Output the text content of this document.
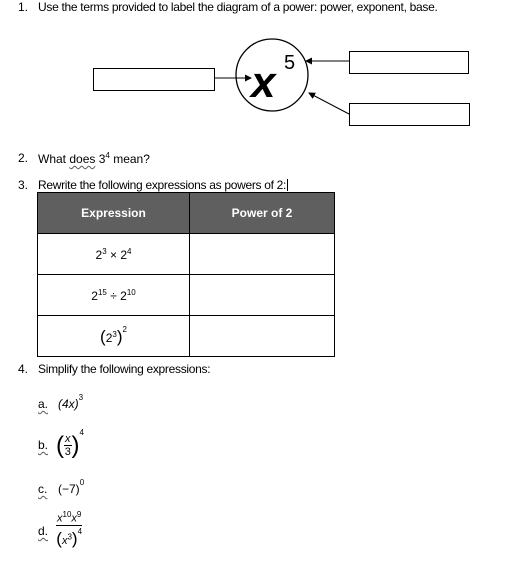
1. Use the terms provided to label the diagram of a power: power, exponent, base.
x 5
2. What does $3^4$ mean?
3. Rewrite the following expressions as powers of 2:
Expression	Power of 2
$2^3 \times 2^4$	
$2^{15} \div 2^{10}$	
$(2^3)^2$	
4. Simplify the following expressions:
a. $(4x)^3$
b. ( $\frac{x}{3} )^4$
c. $(-7)^0$
d. $\frac{x^{10}x^9}{(x^3)^4}$
